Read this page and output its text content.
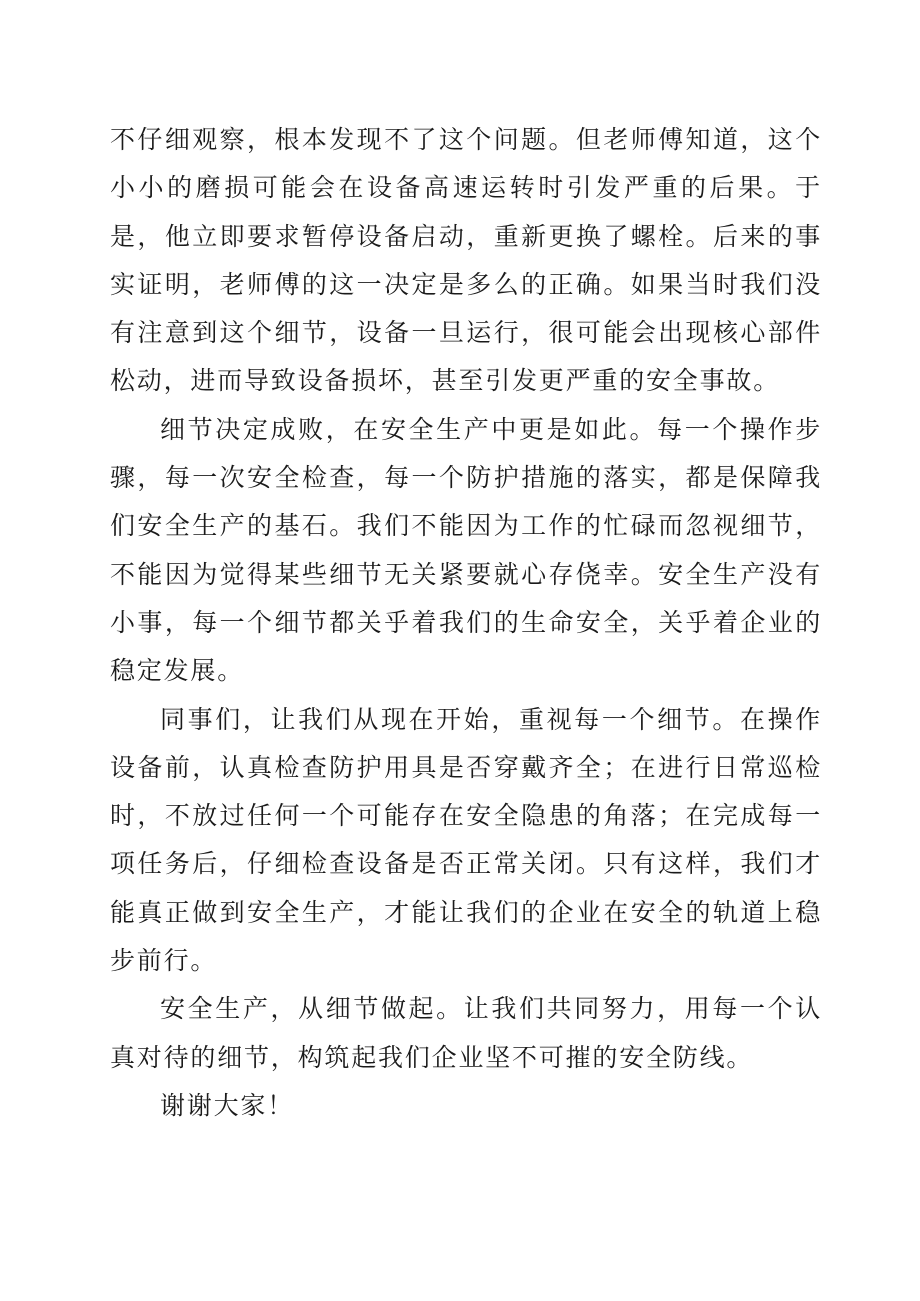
不仔细观察，根本发现不了这个问题。但老师傅知道，这个小小的磨损可能会在设备高速运转时引发严重的后果。于是，他立即要求暂停设备启动，重新更换了螺栓。后来的事实证明，老师傅的这一决定是多么的正确。如果当时我们没有注意到这个细节，设备一旦运行，很可能会出现核心部件松动，进而导致设备损坏，甚至引发更严重的安全事故。

细节决定成败，在安全生产中更是如此。每一个操作步骤，每一次安全检查，每一个防护措施的落实，都是保障我们安全生产的基石。我们不能因为工作的忙碌而忽视细节，不能因为觉得某些细节无关紧要就心存侥幸。安全生产没有小事，每一个细节都关乎着我们的生命安全，关乎着企业的稳定发展。

同事们，让我们从现在开始，重视每一个细节。在操作设备前，认真检查防护用具是否穿戴齐全；在进行日常巡检时，不放过任何一个可能存在安全隐患的角落；在完成每一项任务后，仔细检查设备是否正常关闭。只有这样，我们才能真正做到安全生产，才能让我们的企业在安全的轨道上稳步前行。

安全生产，从细节做起。让我们共同努力，用每一个认真对待的细节，构筑起我们企业坚不可摧的安全防线。

谢谢大家！
